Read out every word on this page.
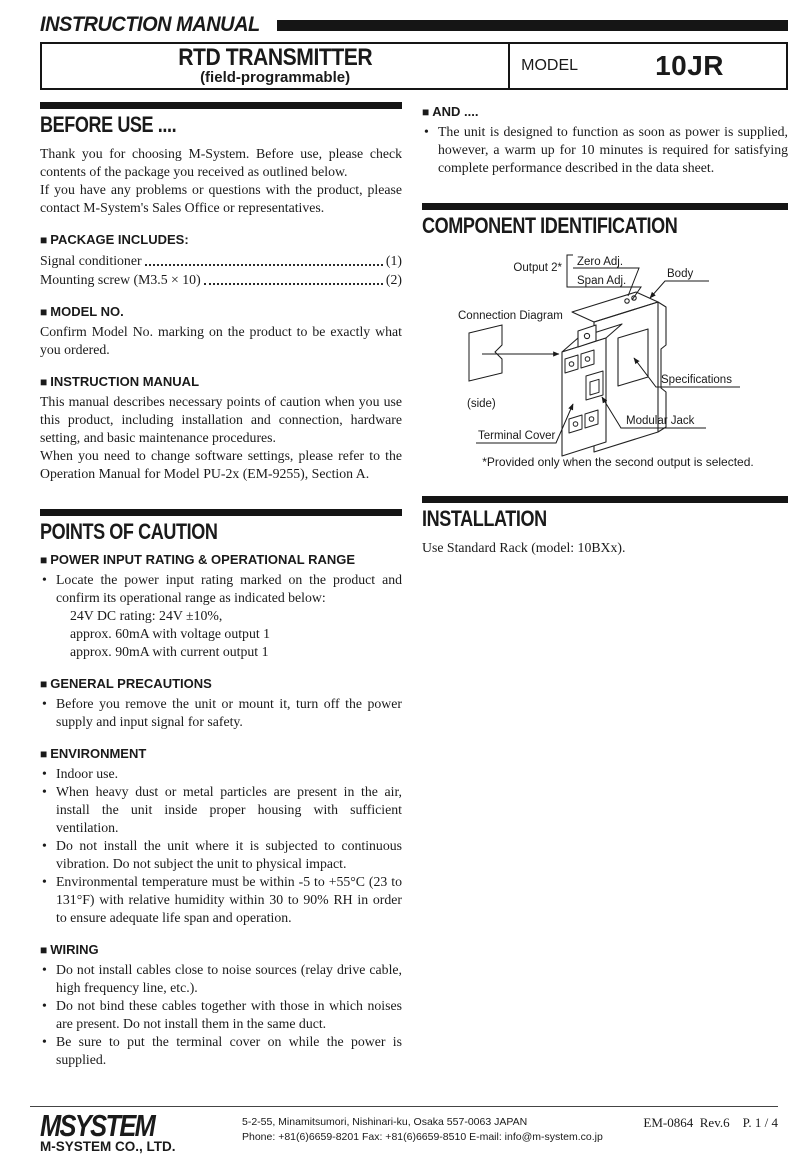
INSTRUCTION MANUAL
RTD TRANSMITTER
(field-programmable)
MODEL	10JR
BEFORE USE ....

Thank you for choosing M-System. Before use, please check contents of the package you received as outlined below.

If you have any problems or questions with the product, please contact M-System's Sales Office or representatives.

■ PACKAGE INCLUDES:
Signal conditioner	(1)
Mounting screw (M3.5 × 10)	(2)
■ MODEL NO.

Confirm Model No. marking on the product to be exactly what you ordered.

■ INSTRUCTION MANUAL

This manual describes necessary points of caution when you use this product, including installation and connection, hardware setting, and basic maintenance procedures.

When you need to change software settings, please refer to the Operation Manual for Model PU-2x (EM-9255), Section A.

POINTS OF CAUTION
■ POWER INPUT RATING & OPERATIONAL RANGE

• Locate the power input rating marked on the product and confirm its operational range as indicated below:

24V DC rating: 24V ±10%,

approx. 60mA with voltage output 1

approx. 90mA with current output 1

■ GENERAL PRECAUTIONS

• Before you remove the unit or mount it, turn off the power supply and input signal for safety.

■ ENVIRONMENT

• Indoor use.

• When heavy dust or metal particles are present in the air, install the unit inside proper housing with sufficient ventilation.

• Do not install the unit where it is subjected to continuous vibration. Do not subject the unit to physical impact.

• Environmental temperature must be within -5 to +55°C (23 to 131°F) with relative humidity within 30 to 90% RH in order to ensure adequate life span and operation.

■ WIRING

• Do not install cables close to noise sources (relay drive cable, high frequency line, etc.).

• Do not bind these cables together with those in which noises are present. Do not install them in the same duct.

• Be sure to put the terminal cover on while the power is supplied.

■ AND ....

• The unit is designed to function as soon as power is supplied, however, a warm up for 10 minutes is required for satisfying complete performance described in the data sheet.

COMPONENT IDENTIFICATION
Output 2* Zero Adj.
Span Adj.
Body
Connection Diagram
(side)
Specifications
Modular Jack
Terminal Cover
*Provided only when the second output is selected.
INSTALLATION

Use Standard Rack (model: 10BXx).

MSYSTEM
M-SYSTEM CO., LTD.
5-2-55, Minamitsumori, Nishinari-ku, Osaka 557-0063 JAPAN
Phone: +81(6)6659-8201 Fax: +81(6)6659-8510 E-mail: info@m-system.co.jp
EM-0864  Rev.6    P. 1 / 4
